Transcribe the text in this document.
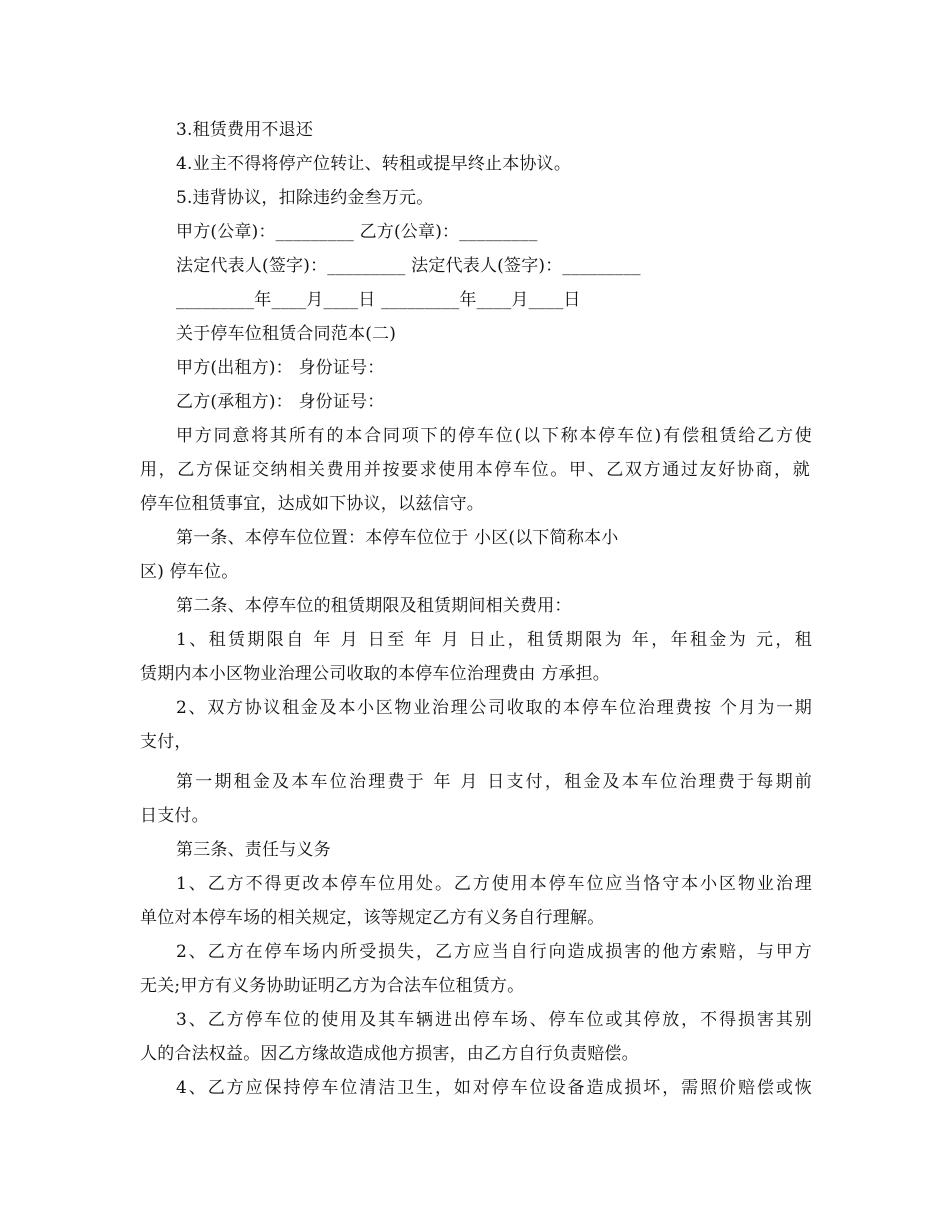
3.租赁费用不退还
4.业主不得将停产位转让、转租或提早终止本协议。
5.违背协议，扣除违约金叁万元。
甲方(公章)：_________ 乙方(公章)：_________
法定代表人(签字)：_________ 法定代表人(签字)：_________
_________年____月____日 _________年____月____日
关于停车位租赁合同范本(二)
甲方(出租方)： 身份证号：
乙方(承租方)： 身份证号：
甲方同意将其所有的本合同项下的停车位(以下称本停车位)有偿租赁给乙方使
用，乙方保证交纳相关费用并按要求使用本停车位。甲、乙双方通过友好协商，就
停车位租赁事宜，达成如下协议，以兹信守。
第一条、本停车位位置：本停车位位于 小区(以下简称本小
区) 停车位。
第二条、本停车位的租赁期限及租赁期间相关费用：
1、租赁期限自 年 月 日至 年 月 日止，租赁期限为 年，年租金为 元，租
赁期内本小区物业治理公司收取的本停车位治理费由 方承担。
2、双方协议租金及本小区物业治理公司收取的本停车位治理费按 个月为一期
支付，
第一期租金及本车位治理费于 年 月 日支付，租金及本车位治理费于每期前
日支付。
第三条、责任与义务
1、乙方不得更改本停车位用处。乙方使用本停车位应当恪守本小区物业治理
单位对本停车场的相关规定，该等规定乙方有义务自行理解。
2、乙方在停车场内所受损失，乙方应当自行向造成损害的他方索赔，与甲方
无关;甲方有义务协助证明乙方为合法车位租赁方。
3、乙方停车位的使用及其车辆进出停车场、停车位或其停放，不得损害其别
人的合法权益。因乙方缘故造成他方损害，由乙方自行负责赔偿。
4、乙方应保持停车位清洁卫生，如对停车位设备造成损坏，需照价赔偿或恢
